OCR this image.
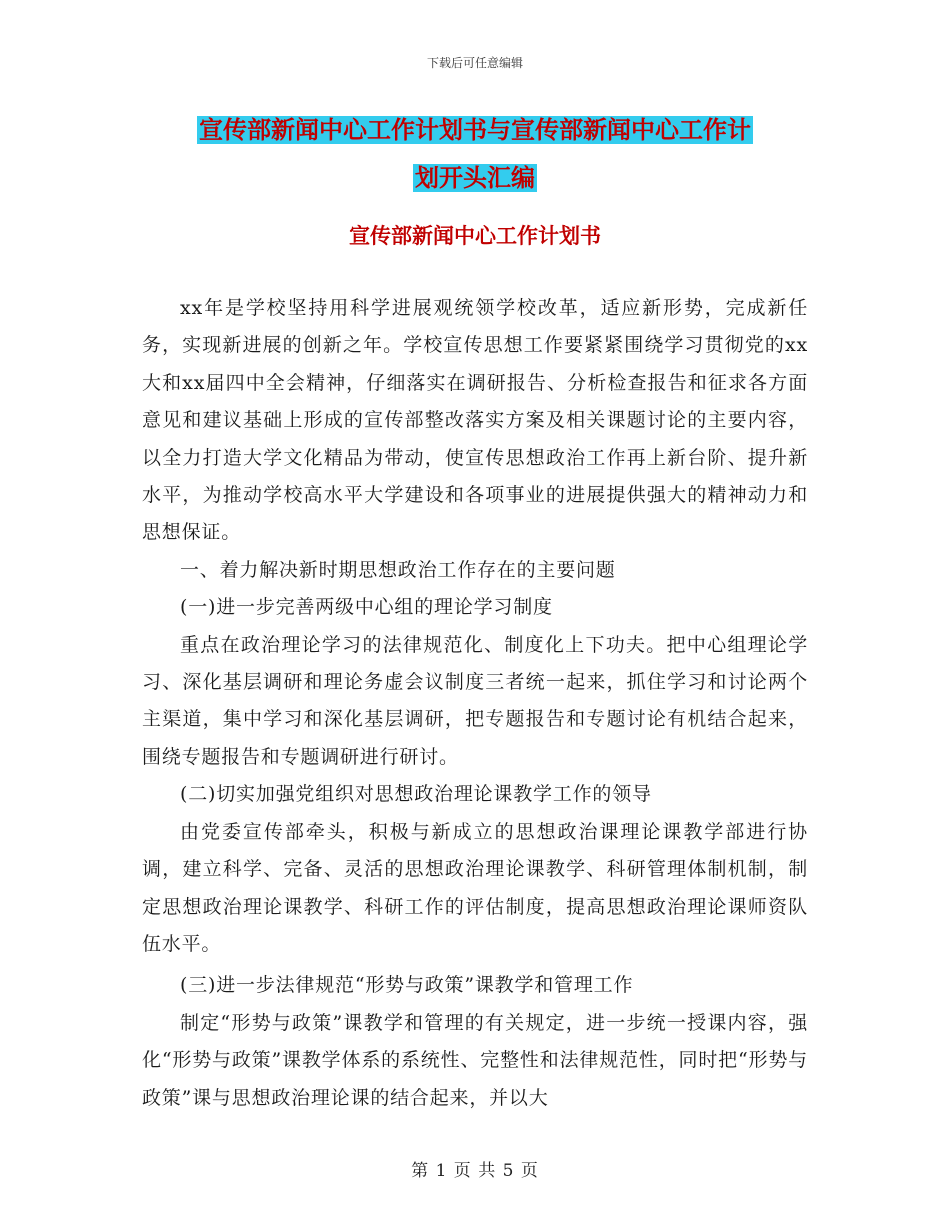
下载后可任意编辑
宣传部新闻中心工作计划书与宣传部新闻中心工作计
划开头汇编
宣传部新闻中心工作计划书

xx年是学校坚持用科学进展观统领学校改革，适应新形势，完成新任务，实现新进展的创新之年。学校宣传思想工作要紧紧围绕学习贯彻党的xx大和xx届四中全会精神，仔细落实在调研报告、分析检查报告和征求各方面意见和建议基础上形成的宣传部整改落实方案及相关课题讨论的主要内容，以全力打造大学文化精品为带动，使宣传思想政治工作再上新台阶、提升新水平，为推动学校高水平大学建设和各项事业的进展提供强大的精神动力和思想保证。

一、着力解决新时期思想政治工作存在的主要问题

(一)进一步完善两级中心组的理论学习制度

重点在政治理论学习的法律规范化、制度化上下功夫。把中心组理论学习、深化基层调研和理论务虚会议制度三者统一起来，抓住学习和讨论两个主渠道，集中学习和深化基层调研，把专题报告和专题讨论有机结合起来，围绕专题报告和专题调研进行研讨。

(二)切实加强党组织对思想政治理论课教学工作的领导

由党委宣传部牵头，积极与新成立的思想政治课理论课教学部进行协调，建立科学、完备、灵活的思想政治理论课教学、科研管理体制机制，制定思想政治理论课教学、科研工作的评估制度，提高思想政治理论课师资队伍水平。

(三)进一步法律规范“形势与政策”课教学和管理工作

制定“形势与政策”课教学和管理的有关规定，进一步统一授课内容，强化“形势与政策”课教学体系的系统性、完整性和法律规范性，同时把“形势与政策”课与思想政治理论课的结合起来，并以大

第 1 页 共 5 页
